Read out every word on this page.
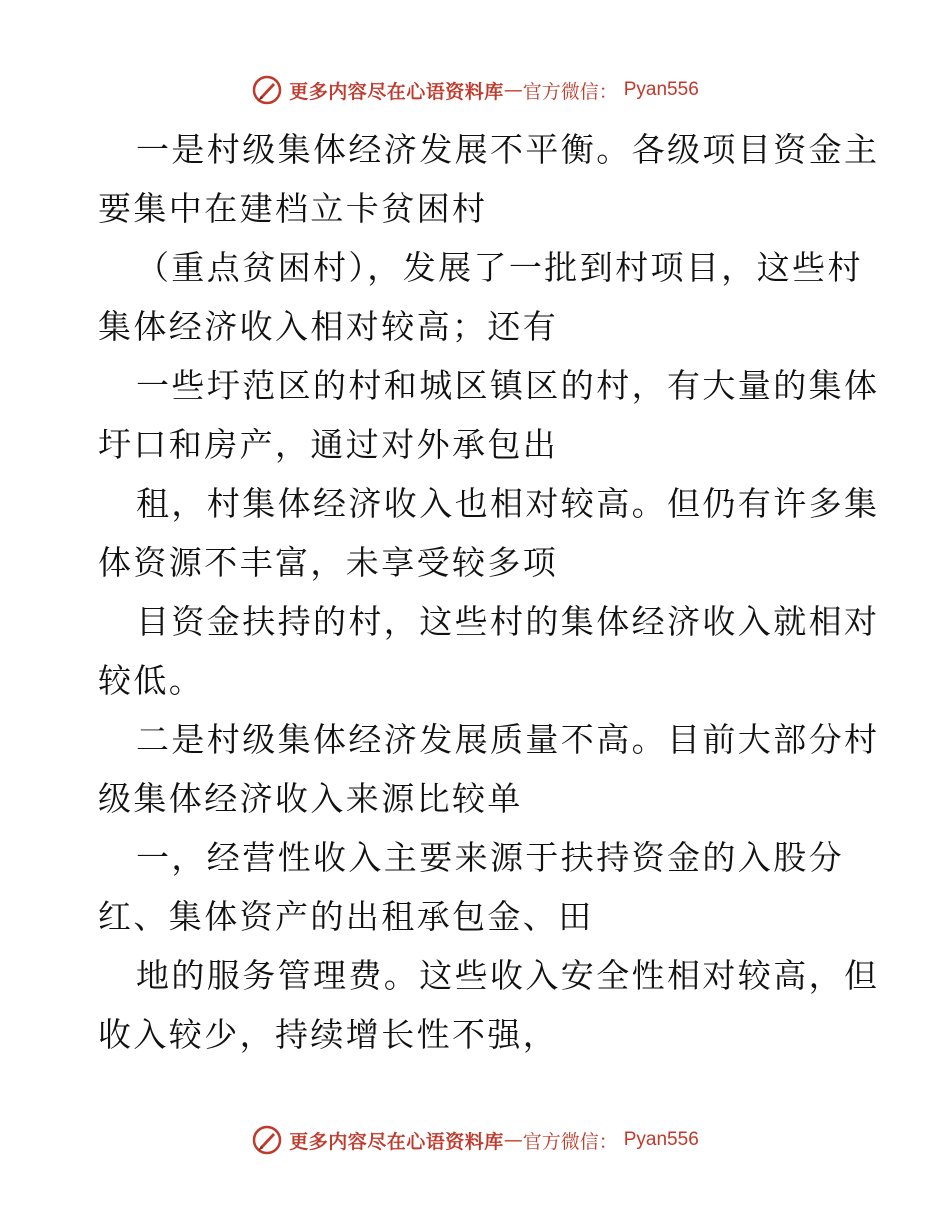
更多内容尽在心语资料库 — 官方微信： Pyan556

一是村级集体经济发展不平衡。各级项目资金主
要集中在建档立卡贫困村

（重点贫困村），发展了一批到村项目，这些村
集体经济收入相对较高；还有

一些圩范区的村和城区镇区的村，有大量的集体
圩口和房产，通过对外承包出

租，村集体经济收入也相对较高。但仍有许多集
体资源不丰富，未享受较多项

目资金扶持的村，这些村的集体经济收入就相对
较低。

二是村级集体经济发展质量不高。目前大部分村
级集体经济收入来源比较单

一，经营性收入主要来源于扶持资金的入股分
红、集体资产的出租承包金、田

地的服务管理费。这些收入安全性相对较高，但
收入较少，持续增长性不强，

更多内容尽在心语资料库 — 官方微信： Pyan556
